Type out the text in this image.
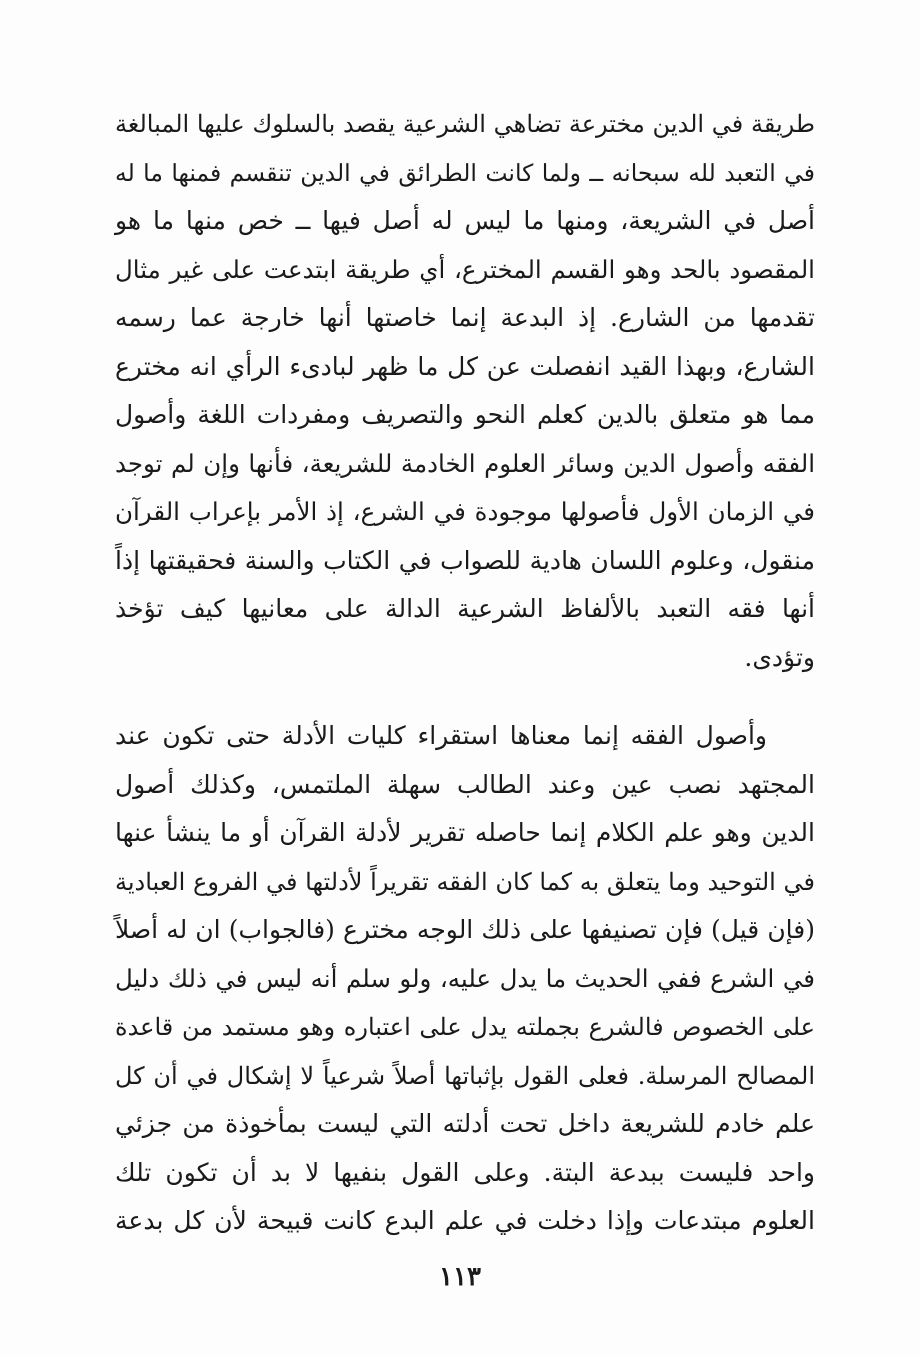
طريقة في الدين مخترعة تضاهي الشرعية يقصد بالسلوك عليها المبالغة
في التعبد لله سبحانه ــ ولما كانت الطرائق في الدين تنقسم فمنها ما له
أصل في الشريعة، ومنها ما ليس له أصل فيها ــ خص منها ما هو
المقصود بالحد وهو القسم المخترع، أي طريقة ابتدعت على غير مثال
تقدمها من الشارع. إذ البدعة إنما خاصتها أنها خارجة عما رسمه
الشارع، وبهذا القيد انفصلت عن كل ما ظهر لبادىء الرأي انه مخترع
مما هو متعلق بالدين كعلم النحو والتصريف ومفردات اللغة وأصول
الفقه وأصول الدين وسائر العلوم الخادمة للشريعة، فأنها وإن لم توجد
في الزمان الأول فأصولها موجودة في الشرع، إذ الأمر بإعراب القرآن
منقول، وعلوم اللسان هادية للصواب في الكتاب والسنة فحقيقتها إذاً
أنها فقه التعبد بالألفاظ الشرعية الدالة على معانيها كيف تؤخذ
وتؤدى.
وأصول الفقه إنما معناها استقراء كليات الأدلة حتى تكون عند
المجتهد نصب عين وعند الطالب سهلة الملتمس، وكذلك أصول
الدين وهو علم الكلام إنما حاصله تقرير لأدلة القرآن أو ما ينشأ عنها
في التوحيد وما يتعلق به كما كان الفقه تقريراً لأدلتها في الفروع العبادية
(فإن قيل) فإن تصنيفها على ذلك الوجه مخترع (فالجواب) ان له أصلاً
في الشرع ففي الحديث ما يدل عليه، ولو سلم أنه ليس في ذلك دليل
على الخصوص فالشرع بجملته يدل على اعتباره وهو مستمد من قاعدة
المصالح المرسلة. فعلى القول بإثباتها أصلاً شرعياً لا إشكال في أن كل
علم خادم للشريعة داخل تحت أدلته التي ليست بمأخوذة من جزئي
واحد فليست ببدعة البتة. وعلى القول بنفيها لا بد أن تكون تلك
العلوم مبتدعات وإذا دخلت في علم البدع كانت قبيحة لأن كل بدعة
١١٣
